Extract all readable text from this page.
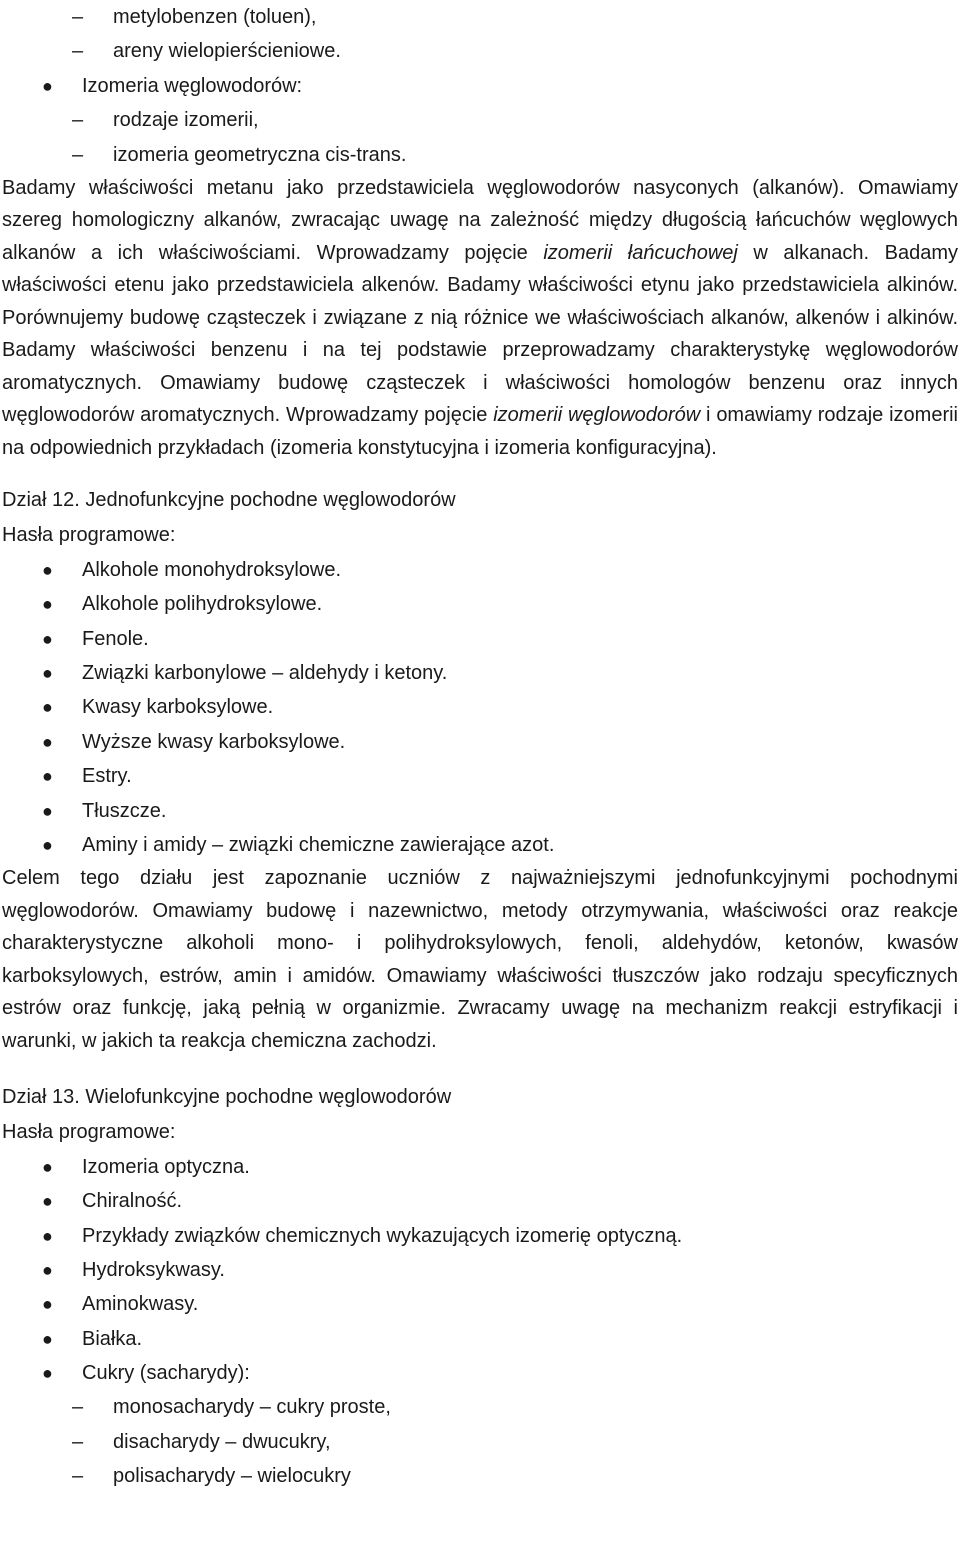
–	metylobenzen (toluen),
–	areny wielopierścieniowe.
● Izomeria węglowodorów:
–	rodzaje izomerii,
–	izomeria geometryczna cis-trans.
Badamy właściwości metanu jako przedstawiciela węglowodorów nasyconych (alkanów). Omawiamy szereg homologiczny alkanów, zwracając uwagę na zależność między długością łańcuchów węglowych alkanów a ich właściwościami. Wprowadzamy pojęcie izomerii łańcuchowej w alkanach. Badamy właściwości etenu jako przedstawiciela alkenów. Badamy właściwości etynu jako przedstawiciela alkinów. Porównujemy budowę cząsteczek i związane z nią różnice we właściwościach alkanów, alkenów i alkinów. Badamy właściwości benzenu i na tej podstawie przeprowadzamy charakterystykę węglowodorów aromatycznych. Omawiamy budowę cząsteczek i właściwości homologów benzenu oraz innych węglowodorów aromatycznych. Wprowadzamy pojęcie izomerii węglowodorów i omawiamy rodzaje izomerii na odpowiednich przykładach (izomeria konstytucyjna i izomeria konfiguracyjna).
Dział 12. Jednofunkcyjne pochodne węglowodorów
Hasła programowe:
● Alkohole monohydroksylowe.
● Alkohole polihydroksylowe.
● Fenole.
● Związki karbonylowe – aldehydy i ketony.
● Kwasy karboksylowe.
● Wyższe kwasy karboksylowe.
● Estry.
● Tłuszcze.
● Aminy i amidy – związki chemiczne zawierające azot.
Celem tego działu jest zapoznanie uczniów z najważniejszymi jednofunkcyjnymi pochodnymi węglowodorów. Omawiamy budowę i nazewnictwo, metody otrzymywania, właściwości oraz reakcje charakterystyczne alkoholi mono- i polihydroksylowych, fenoli, aldehydów, ketonów, kwasów karboksylowych, estrów, amin i amidów. Omawiamy właściwości tłuszczów jako rodzaju specyficznych estrów oraz funkcję, jaką pełnią w organizmie. Zwracamy uwagę na mechanizm reakcji estryfikacji i warunki, w jakich ta reakcja chemiczna zachodzi.
Dział 13. Wielofunkcyjne pochodne węglowodorów
Hasła programowe:
● Izomeria optyczna.
● Chiralność.
● Przykłady związków chemicznych wykazujących izomerię optyczną.
● Hydroksykwasy.
● Aminokwasy.
● Białka.
● Cukry (sacharydy):
–	monosacharydy – cukry proste,
–	disacharydy – dwucukry,
–	polisacharydy – wielocukry
